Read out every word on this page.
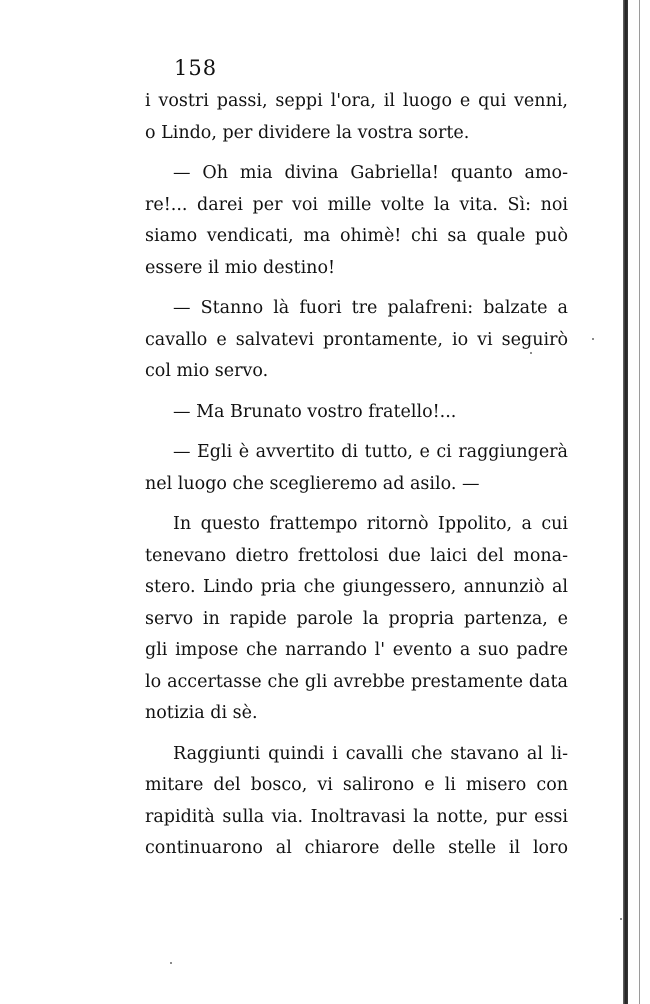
158
i vostri passi, seppi l'ora, il luogo e qui venni,
o Lindo, per dividere la vostra sorte.
— Oh mia divina Gabriella! quanto amo-
re!... darei per voi mille volte la vita. Sì: noi
siamo vendicati, ma ohimè! chi sa quale può
essere il mio destino!
— Stanno là fuori tre palafreni: balzate a
cavallo e salvatevi prontamente, io vi seguirò
col mio servo.
— Ma Brunato vostro fratello!...
— Egli è avvertito di tutto, e ci raggiungerà
nel luogo che sceglieremo ad asilo. —
In questo frattempo ritornò Ippolito, a cui
tenevano dietro frettolosi due laici del mona-
stero. Lindo pria che giungessero, annunziò al
servo in rapide parole la propria partenza, e
gli impose che narrando l' evento a suo padre
lo accertasse che gli avrebbe prestamente data
notizia di sè.
Raggiunti quindi i cavalli che stavano al li-
mitare del bosco, vi salirono e li misero con
rapidità sulla via. Inoltravasi la notte, pur essi
continuarono al chiarore delle stelle il loro
